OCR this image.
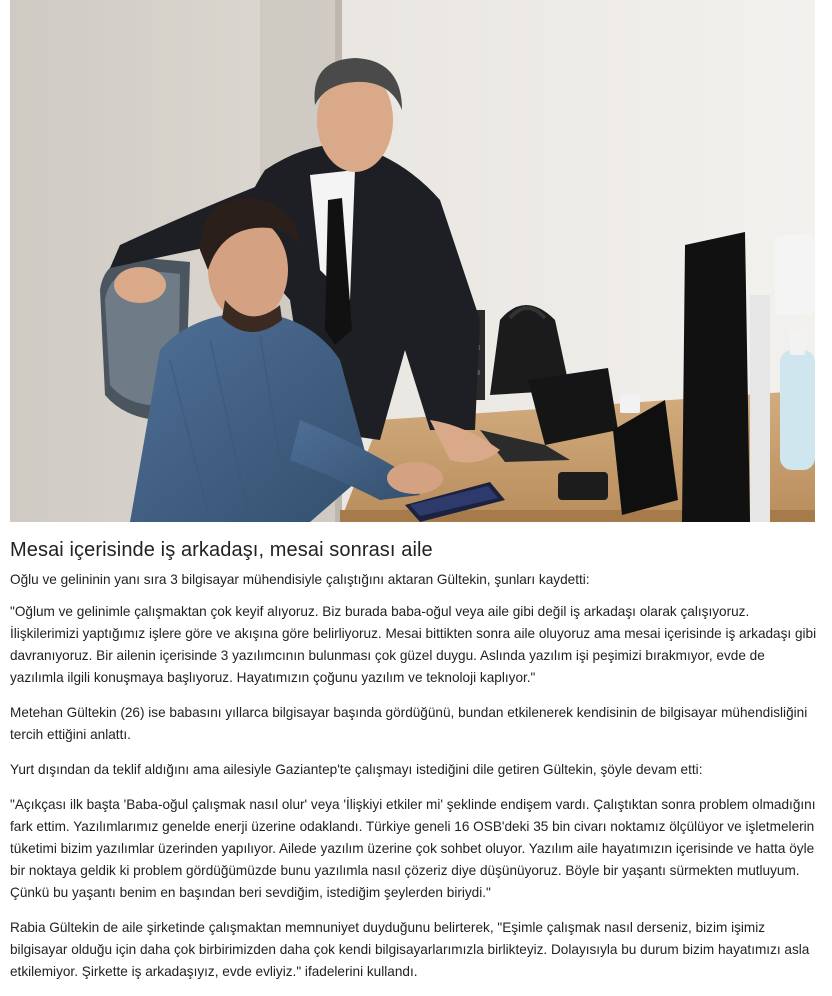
Mesai içerisinde iş arkadaşı, mesai sonrası aile

Oğlu ve gelininin yanı sıra 3 bilgisayar mühendisiyle çalıştığını aktaran Gültekin, şunları kaydetti:

"Oğlum ve gelinimle çalışmaktan çok keyif alıyoruz. Biz burada baba-oğul veya aile gibi değil iş arkadaşı olarak çalışıyoruz. İlişkilerimizi yaptığımız işlere göre ve akışına göre belirliyoruz. Mesai bittikten sonra aile oluyoruz ama mesai içerisinde iş arkadaşı gibi davranıyoruz. Bir ailenin içerisinde 3 yazılımcının bulunması çok güzel duygu. Aslında yazılım işi peşimizi bırakmıyor, evde de yazılımla ilgili konuşmaya başlıyoruz. Hayatımızın çoğunu yazılım ve teknoloji kaplıyor."

Metehan Gültekin (26) ise babasını yıllarca bilgisayar başında gördüğünü, bundan etkilenerek kendisinin de bilgisayar mühendisliğini tercih ettiğini anlattı.

Yurt dışından da teklif aldığını ama ailesiyle Gaziantep'te çalışmayı istediğini dile getiren Gültekin, şöyle devam etti:

"Açıkçası ilk başta 'Baba-oğul çalışmak nasıl olur' veya 'İlişkiyi etkiler mi' şeklinde endişem vardı. Çalıştıktan sonra problem olmadığını fark ettim. Yazılımlarımız genelde enerji üzerine odaklandı. Türkiye geneli 16 OSB'deki 35 bin civarı noktamız ölçülüyor ve işletmelerin tüketimi bizim yazılımlar üzerinden yapılıyor. Ailede yazılım üzerine çok sohbet oluyor. Yazılım aile hayatımızın içerisinde ve hatta öyle bir noktaya geldik ki problem gördüğümüzde bunu yazılımla nasıl çözeriz diye düşünüyoruz. Böyle bir yaşantı sürmekten mutluyum. Çünkü bu yaşantı benim en başından beri sevdiğim, istediğim şeylerden biriydi."

Rabia Gültekin de aile şirketinde çalışmaktan memnuniyet duyduğunu belirterek, "Eşimle çalışmak nasıl derseniz, bizim işimiz bilgisayar olduğu için daha çok birbirimizden daha çok kendi bilgisayarlarımızla birlikteyiz. Dolayısıyla bu durum bizim hayatımızı asla etkilemiyor. Şirkette iş arkadaşıyız, evde evliyiz." ifadelerini kullandı.
